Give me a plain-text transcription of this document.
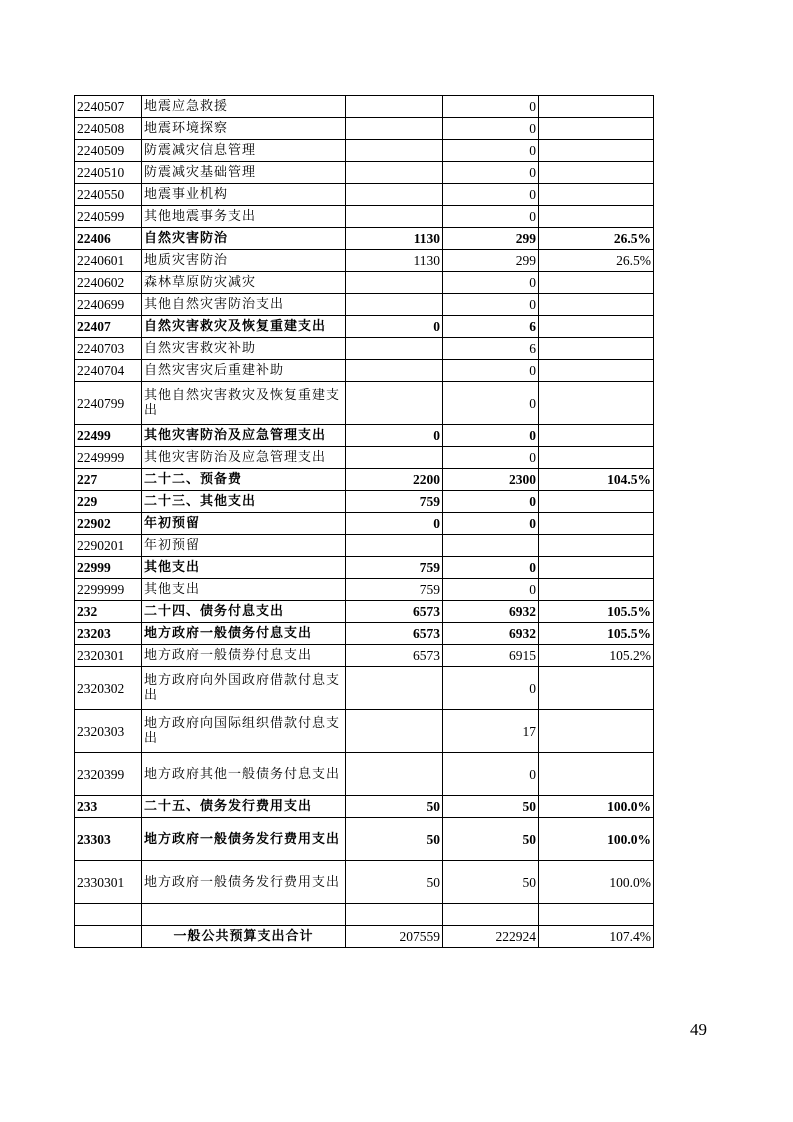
2240507	地震应急救援		0	
2240508	地震环境探察		0	
2240509	防震减灾信息管理		0	
2240510	防震减灾基础管理		0	
2240550	地震事业机构		0	
2240599	其他地震事务支出		0	
22406	自然灾害防治	1130	299	26.5%
2240601	地质灾害防治	1130	299	26.5%
2240602	森林草原防灾减灾		0	
2240699	其他自然灾害防治支出		0	
22407	自然灾害救灾及恢复重建支出	0	6	
2240703	自然灾害救灾补助		6	
2240704	自然灾害灾后重建补助		0	
2240799	其他自然灾害救灾及恢复重建支出		0	
22499	其他灾害防治及应急管理支出	0	0	
2249999	其他灾害防治及应急管理支出		0	
227	二十二、预备费	2200	2300	104.5%
229	二十三、其他支出	759	0	
22902	年初预留	0	0	
2290201	年初预留			
22999	其他支出	759	0	
2299999	其他支出	759	0	
232	二十四、债务付息支出	6573	6932	105.5%
23203	地方政府一般债务付息支出	6573	6932	105.5%
2320301	地方政府一般债券付息支出	6573	6915	105.2%
2320302	地方政府向外国政府借款付息支出		0	
2320303	地方政府向国际组织借款付息支出		17	
2320399	地方政府其他一般债务付息支出		0	
233	二十五、债务发行费用支出	50	50	100.0%
23303	地方政府一般债务发行费用支出	50	50	100.0%
2330301	地方政府一般债务发行费用支出	50	50	100.0%

	一般公共预算支出合计	207559	222924	107.4%
49
